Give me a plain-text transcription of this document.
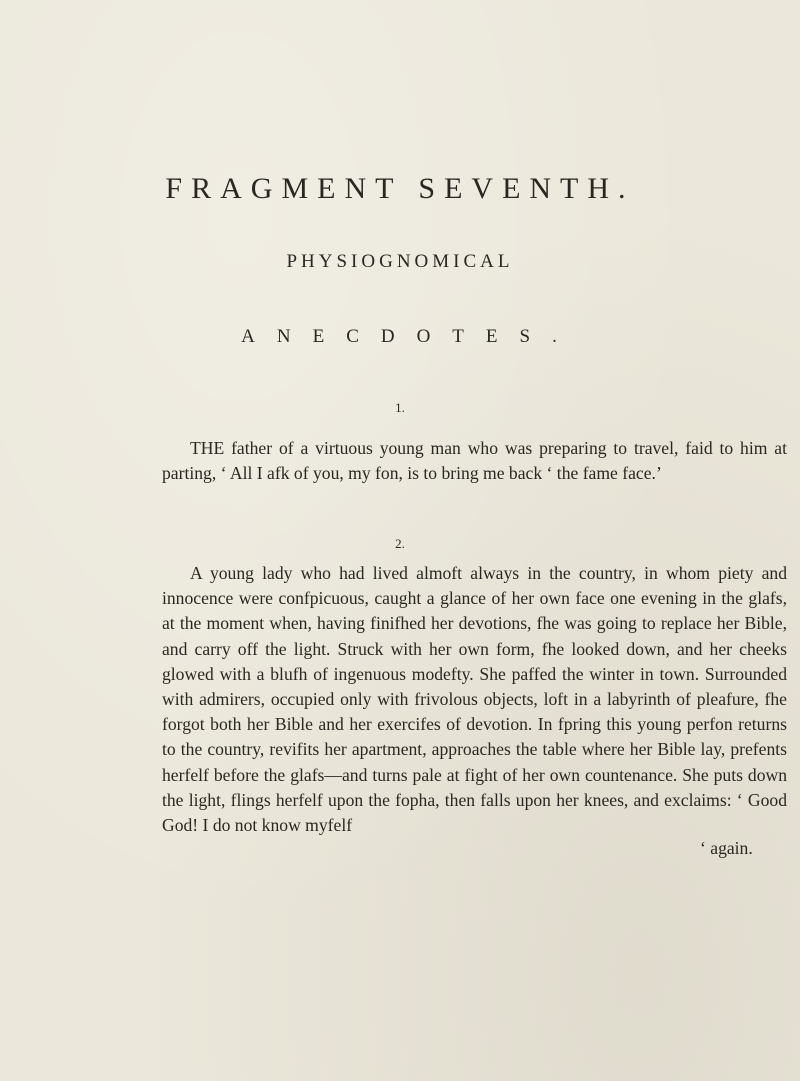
FRAGMENT SEVENTH.
PHYSIOGNOMICAL
ANECDOTES.
1.

THE father of a virtuous young man who was preparing to travel, faid to him at parting, ‘ All I afk of you, my fon, is to bring me back ‘ the fame face.’

2.

A young lady who had lived almoft always in the country, in whom piety and innocence were confpicuous, caught a glance of her own face one evening in the glafs, at the moment when, having finifhed her devotions, fhe was going to replace her Bible, and carry off the light. Struck with her own form, fhe looked down, and her cheeks glowed with a blufh of ingenuous modefty. She paffed the winter in town. Surrounded with admirers, occupied only with frivolous objects, loft in a labyrinth of pleafure, fhe forgot both her Bible and her exercifes of devotion. In fpring this young perfon returns to the country, revifits her apartment, approaches the table where her Bible lay, prefents herfelf before the glafs—and turns pale at fight of her own countenance. She puts down the light, flings herfelf upon the fopha, then falls upon her knees, and exclaims: ‘ Good God! I do not know myfelf

‘ again.
